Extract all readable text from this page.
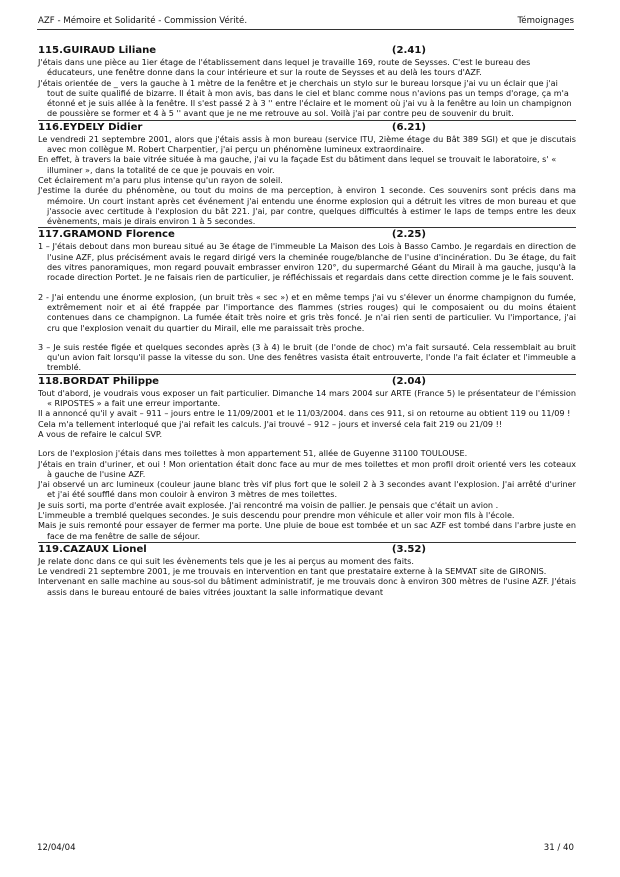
AZF - Mémoire et Solidarité - Commission Vérité.	Témoignages
115.GUIRAUD Liliane	(2.41)

J'étais dans une pièce au 1ier étage de l'établissement dans lequel je travaille 169, route de Seysses. C'est le bureau des éducateurs, une fenêtre donne dans la cour intérieure et sur la route de Seysses et au delà les tours d'AZF.

J'étais orientée de _ vers la gauche à 1 mètre de la fenêtre et je cherchais un stylo sur le bureau lorsque j'ai vu un éclair que j'ai tout de suite qualifié de bizarre. Il était à mon avis, bas dans le ciel et blanc comme nous n'avions pas un temps d'orage, ça m'a étonné et je suis allée à la fenêtre. Il s'est passé 2 à 3 '' entre l'éclaire et le moment où j'ai vu à la fenêtre au loin un champignon de poussière se former et 4 à 5 '' avant que je ne me retrouve au sol. Voilà j'ai par contre peu de souvenir du bruit.

116.EYDELY Didier	(6.21)

Le vendredi 21 septembre 2001, alors que j'étais assis à mon bureau (service ITU, 2ième étage du Bât 389 SGI) et que je discutais avec mon collègue M. Robert Charpentier, j'ai perçu un phénomène lumineux extraordinaire.

En effet, à travers la baie vitrée située à ma gauche, j'ai vu la façade Est du bâtiment dans lequel se trouvait le laboratoire, s' « illuminer », dans la totalité de ce que je pouvais en voir.

Cet éclairement m'a paru plus intense qu'un rayon de soleil.

J'estime la durée du phénomène, ou tout du moins de ma perception, à environ 1 seconde. Ces souvenirs sont précis dans ma mémoire. Un court instant après cet événement j'ai entendu une énorme explosion qui a détruit les vitres de mon bureau et que j'associe avec certitude à l'explosion du bât 221. J'ai, par contre, quelques difficultés à estimer le laps de temps entre les deux évènements, mais je dirais environ 1 à 5 secondes.

117.GRAMOND Florence	(2.25)

1 – J'étais debout dans mon bureau situé au 3e étage de l'immeuble La Maison des Lois à Basso Cambo. Je regardais en direction de l'usine AZF, plus précisément avais le regard dirigé vers la cheminée rouge/blanche de l'usine d'incinération. Du 3e étage, du fait des vitres panoramiques, mon regard pouvait embrasser environ 120°, du supermarché Géant du Mirail à ma gauche, jusqu'à la rocade direction Portet. Je ne faisais rien de particulier, je réfléchissais et regardais dans cette direction comme je le fais souvent.

2 - J'ai entendu une énorme explosion, (un bruit très « sec ») et en même temps j'ai vu s'élever un énorme champignon du fumée, extrêmement noir et ai été frappée par l'importance des flammes (stries rouges) qui le composaient ou du moins étaient contenues dans ce champignon. La fumée était très noire et gris très foncé. Je n'ai rien senti de particulier. Vu l'importance, j'ai cru que l'explosion venait du quartier du Mirail, elle me paraissait très proche.

3 – Je suis restée figée et quelques secondes après (3 à 4) le bruit (de l'onde de choc) m'a fait sursauté. Cela ressemblait au bruit qu'un avion fait lorsqu'il passe la vitesse du son. Une des fenêtres vasista était entrouverte, l'onde l'a fait éclater et l'immeuble a tremblé.

118.BORDAT Philippe	(2.04)

Tout d'abord, je voudrais vous exposer un fait particulier. Dimanche 14 mars 2004 sur ARTE (France 5) le présentateur de l'émission « RIPOSTES » a fait une erreur importante.

Il a annoncé qu'il y avait – 911 – jours entre le 11/09/2001 et le 11/03/2004. dans ces 911, si on retourne au obtient 119 ou 11/09 !

Cela m'a tellement interloqué que j'ai refait les calculs. J'ai trouvé – 912 – jours et inversé cela fait 219 ou 21/09 !!

A vous de refaire le calcul SVP.

Lors de l'explosion j'étais dans mes toilettes à mon appartement 51, allée de Guyenne 31100 TOULOUSE.

J'étais en train d'uriner, et oui ! Mon orientation était donc face au mur de mes toilettes et mon profil droit orienté vers les coteaux à gauche de l'usine AZF.

J'ai observé un arc lumineux (couleur jaune blanc très vif plus fort que le soleil 2 à 3 secondes avant l'explosion. J'ai arrêté d'uriner et j'ai été soufflé dans mon couloir à environ 3 mètres de mes toilettes.

Je suis sorti, ma porte d'entrée avait explosée. J'ai rencontré ma voisin de pallier. Je pensais que c'était un avion .

L'immeuble a tremblé quelques secondes. Je suis descendu pour prendre mon véhicule et aller voir mon fils à l'école.

Mais je suis remonté pour essayer de fermer ma porte. Une pluie de boue est tombée et un sac AZF est tombé dans l'arbre juste en face de ma fenêtre de salle de séjour.

119.CAZAUX Lionel	(3.52)

Je relate donc dans ce qui suit les évènements tels que je les ai perçus au moment des faits.

Le vendredi 21 septembre 2001, je me trouvais en intervention en tant que prestataire externe à la SEMVAT site de GIRONIS.

Intervenant en salle machine au sous-sol du bâtiment administratif, je me trouvais donc à environ 300 mètres de l'usine AZF. J'étais assis dans le bureau entouré de baies vitrées jouxtant la salle informatique devant

12/04/04	31 / 40
